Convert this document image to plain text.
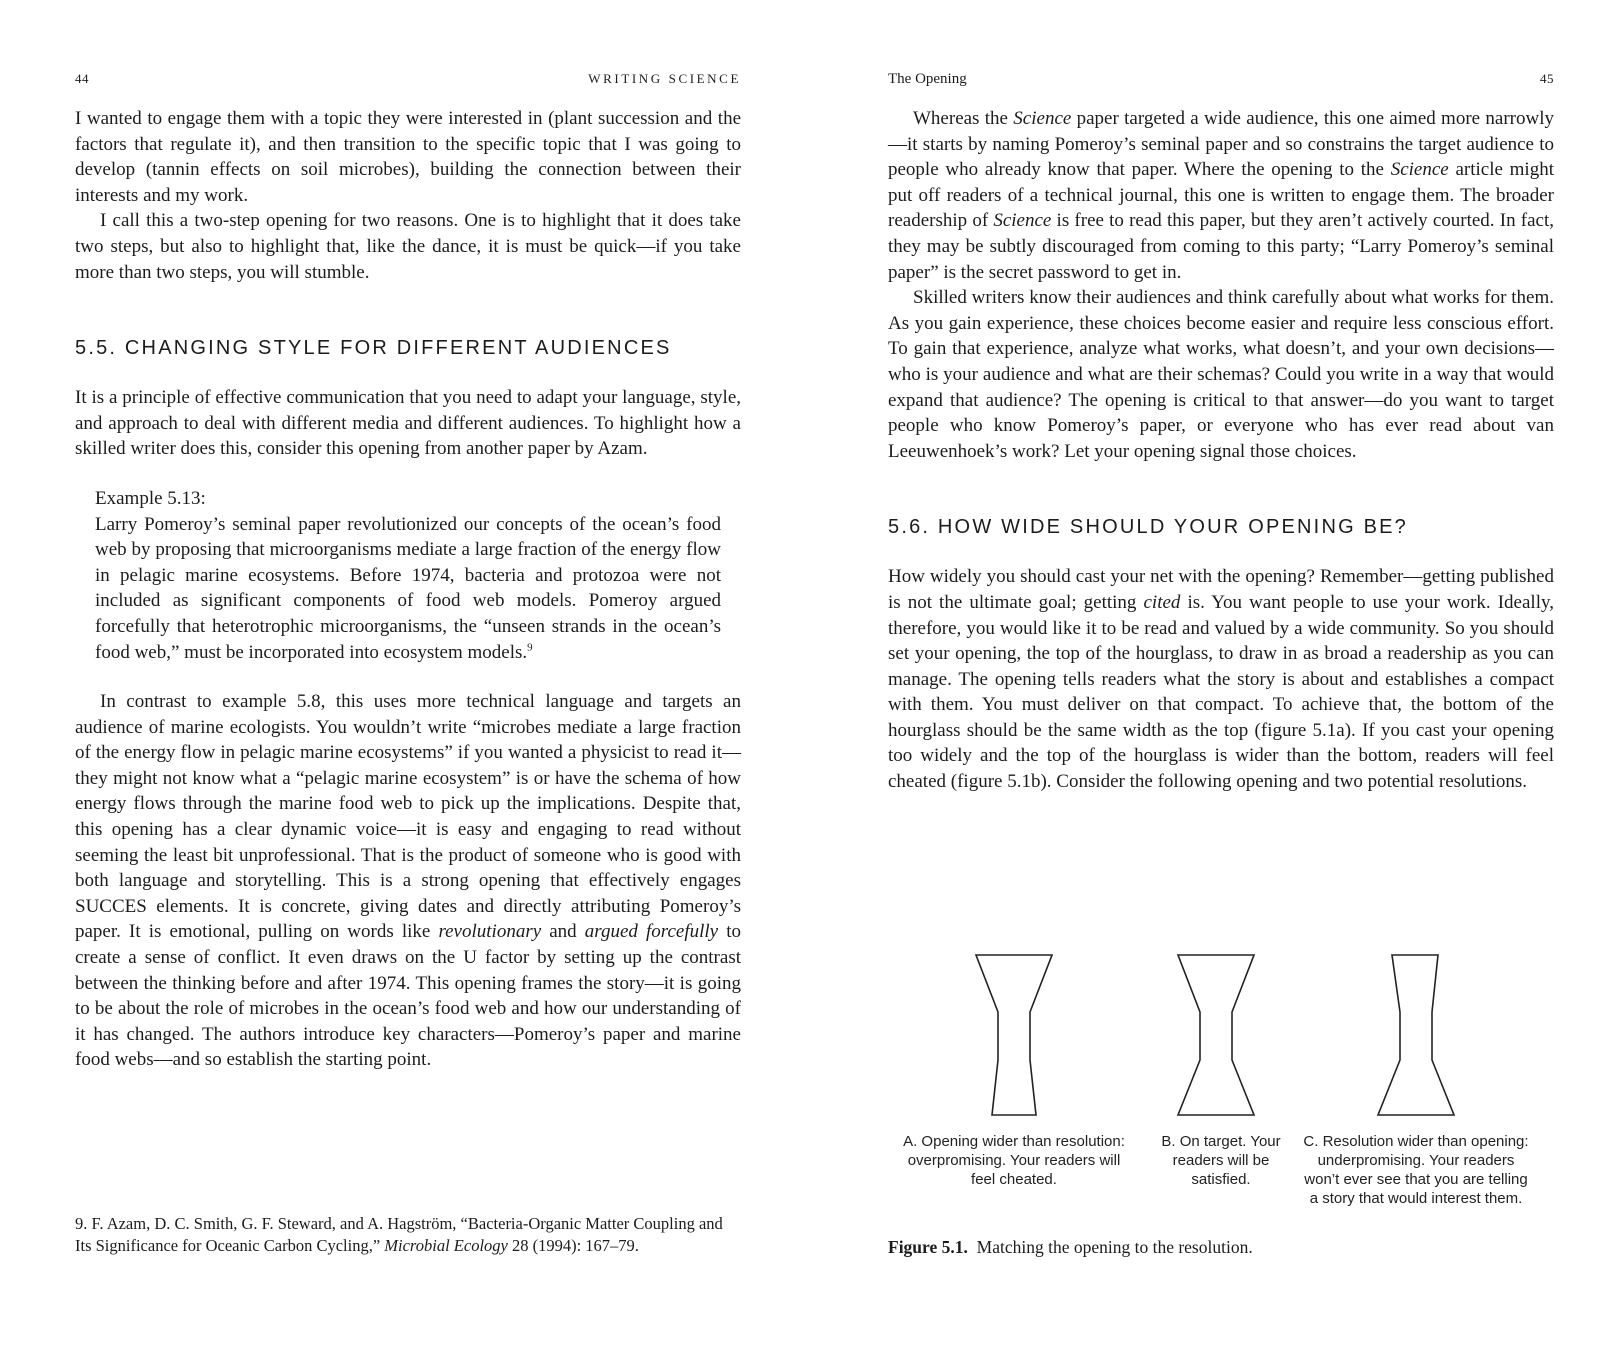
44	WRITING SCIENCE

I wanted to engage them with a topic they were interested in (plant succession and the factors that regulate it), and then transition to the specific topic that I was going to develop (tannin effects on soil microbes), building the connection between their interests and my work.

I call this a two-step opening for two reasons. One is to highlight that it does take two steps, but also to highlight that, like the dance, it is must be quick—if you take more than two steps, you will stumble.

5.5. CHANGING STYLE FOR DIFFERENT AUDIENCES

It is a principle of effective communication that you need to adapt your language, style, and approach to deal with different media and different audiences. To highlight how a skilled writer does this, consider this opening from another paper by Azam.

Example 5.13:

Larry Pomeroy’s seminal paper revolutionized our concepts of the ocean’s food web by proposing that microorganisms mediate a large fraction of the energy flow in pelagic marine ecosystems. Before 1974, bacteria and protozoa were not included as significant components of food web models. Pomeroy argued forcefully that heterotrophic microorganisms, the “unseen strands in the ocean’s food web,” must be incorporated into ecosystem models.$^9$

In contrast to example 5.8, this uses more technical language and targets an audience of marine ecologists. You wouldn’t write “microbes mediate a large fraction of the energy flow in pelagic marine ecosystems” if you wanted a physicist to read it—they might not know what a “pelagic marine ecosystem” is or have the schema of how energy flows through the marine food web to pick up the implications. Despite that, this opening has a clear dynamic voice—it is easy and engaging to read without seeming the least bit unprofessional. That is the product of someone who is good with both language and storytelling. This is a strong opening that effectively engages SUCCES elements. It is concrete, giving dates and directly attributing Pomeroy’s paper. It is emotional, pulling on words like revolutionary and argued forcefully to create a sense of conflict. It even draws on the U factor by setting up the contrast between the thinking before and after 1974. This opening frames the story—it is going to be about the role of microbes in the ocean’s food web and how our understanding of it has changed. The authors introduce key characters—Pomeroy’s paper and marine food webs—and so establish the starting point.

9. F. Azam, D. C. Smith, G. F. Steward, and A. Hagström, “Bacteria-Organic Matter Coupling and Its Significance for Oceanic Carbon Cycling,” Microbial Ecology 28 (1994): 167–79.
The Opening	45

Whereas the Science paper targeted a wide audience, this one aimed more narrowly—it starts by naming Pomeroy’s seminal paper and so constrains the target audience to people who already know that paper. Where the opening to the Science article might put off readers of a technical journal, this one is written to engage them. The broader readership of Science is free to read this paper, but they aren’t actively courted. In fact, they may be subtly discouraged from coming to this party; “Larry Pomeroy’s seminal paper” is the secret password to get in.

Skilled writers know their audiences and think carefully about what works for them. As you gain experience, these choices become easier and require less conscious effort. To gain that experience, analyze what works, what doesn’t, and your own decisions—who is your audience and what are their schemas? Could you write in a way that would expand that audience? The opening is critical to that answer—do you want to target people who know Pomeroy’s paper, or everyone who has ever read about van Leeuwenhoek’s work? Let your opening signal those choices.

5.6. HOW WIDE SHOULD YOUR OPENING BE?

How widely you should cast your net with the opening? Remember—getting published is not the ultimate goal; getting cited is. You want people to use your work. Ideally, therefore, you would like it to be read and valued by a wide community. So you should set your opening, the top of the hourglass, to draw in as broad a readership as you can manage. The opening tells readers what the story is about and establishes a compact with them. You must deliver on that compact. To achieve that, the bottom of the hourglass should be the same width as the top (figure 5.1a). If you cast your opening too widely and the top of the hourglass is wider than the bottom, readers will feel cheated (figure 5.1b). Consider the following opening and two potential resolutions.

A. Opening wider than resolution: overpromising. Your readers will feel cheated.
B. On target. Your readers will be satisfied.
C. Resolution wider than opening: underpromising. Your readers won’t ever see that you are telling a story that would interest them.
Figure 5.1. Matching the opening to the resolution.
